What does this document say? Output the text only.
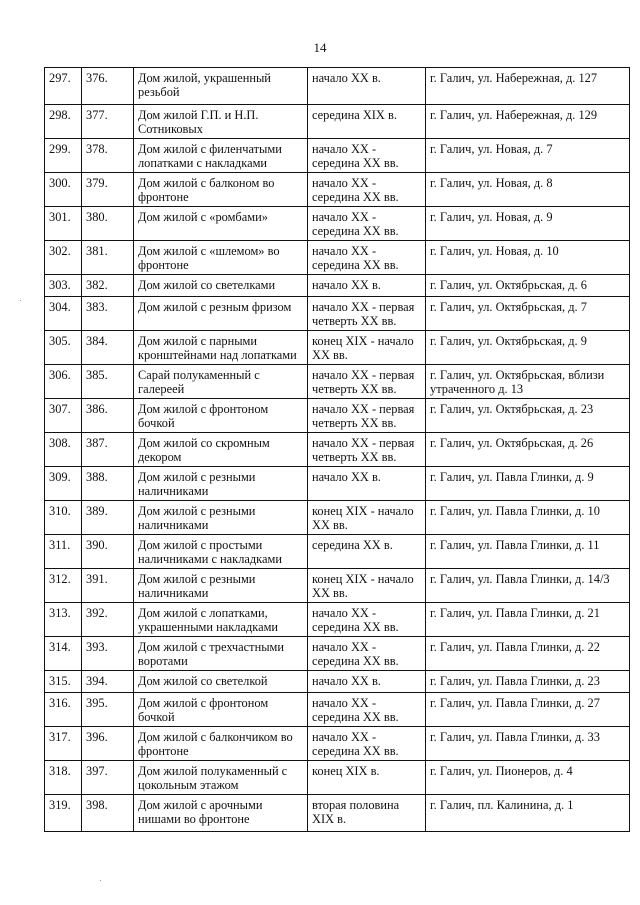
14
297.	376.	Дом жилой, украшенный резьбой	начало XX в.	г. Галич, ул. Набережная, д. 127
298.	377.	Дом жилой Г.П. и Н.П. Сотниковых	середина XIX в.	г. Галич, ул. Набережная, д. 129
299.	378.	Дом жилой с филенчатыми лопатками с накладками	начало XX - середина XX вв.	г. Галич, ул. Новая, д. 7
300.	379.	Дом жилой с балконом во фронтоне	начало XX - середина XX вв.	г. Галич, ул. Новая, д. 8
301.	380.	Дом жилой с «ромбами»	начало XX - середина XX вв.	г. Галич, ул. Новая, д. 9
302.	381.	Дом жилой с «шлемом» во фронтоне	начало XX - середина XX вв.	г. Галич, ул. Новая, д. 10
303.	382.	Дом жилой со светелками	начало XX в.	г. Галич, ул. Октябрьская, д. 6
304.	383.	Дом жилой с резным фризом	начало XX - первая четверть XX вв.	г. Галич, ул. Октябрьская, д. 7
305.	384.	Дом жилой с парными кронштейнами над лопатками	конец XIX - начало XX вв.	г. Галич, ул. Октябрьская, д. 9
306.	385.	Сарай полукаменный с галереей	начало XX - первая четверть XX вв.	г. Галич, ул. Октябрьская, вблизи утраченного д. 13
307.	386.	Дом жилой с фронтоном бочкой	начало XX - первая четверть XX вв.	г. Галич, ул. Октябрьская, д. 23
308.	387.	Дом жилой со скромным декором	начало XX - первая четверть XX вв.	г. Галич, ул. Октябрьская, д. 26
309.	388.	Дом жилой с резными наличниками	начало XX в.	г. Галич, ул. Павла Глинки, д. 9
310.	389.	Дом жилой с резными наличниками	конец XIX - начало XX вв.	г. Галич, ул. Павла Глинки, д. 10
311.	390.	Дом жилой с простыми наличниками с накладками	середина XX в.	г. Галич, ул. Павла Глинки, д. 11
312.	391.	Дом жилой с резными наличниками	конец XIX - начало XX вв.	г. Галич, ул. Павла Глинки, д. 14/3
313.	392.	Дом жилой с лопатками, украшенными накладками	начало XX - середина XX вв.	г. Галич, ул. Павла Глинки, д. 21
314.	393.	Дом жилой с трехчастными воротами	начало XX - середина XX вв.	г. Галич, ул. Павла Глинки, д. 22
315.	394.	Дом жилой со светелкой	начало XX в.	г. Галич, ул. Павла Глинки, д. 23
316.	395.	Дом жилой с фронтоном бочкой	начало XX - середина XX вв.	г. Галич, ул. Павла Глинки, д. 27
317.	396.	Дом жилой с балкончиком во фронтоне	начало XX - середина XX вв.	г. Галич, ул. Павла Глинки, д. 33
318.	397.	Дом жилой полукаменный с цокольным этажом	конец XIX в.	г. Галич, ул. Пионеров, д. 4
319.	398.	Дом жилой с арочными нишами во фронтоне	вторая половина XIX в.	г. Галич, пл. Калинина, д. 1
